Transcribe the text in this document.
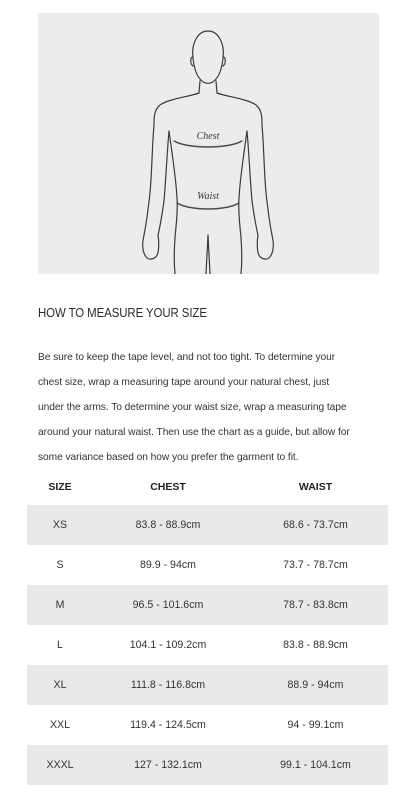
Chest
Waist
HOW TO MEASURE YOUR SIZE
Be sure to keep the tape level, and not too tight. To determine your
chest size, wrap a measuring tape around your natural chest, just
under the arms. To determine your waist size, wrap a measuring tape
around your natural waist. Then use the chart as a guide, but allow for
some variance based on how you prefer the garment to fit.
SIZE	CHEST	WAIST
XS	83.8 - 88.9cm	68.6 - 73.7cm
S	89.9 - 94cm	73.7 - 78.7cm
M	96.5 - 101.6cm	78.7 - 83.8cm
L	104.1 - 109.2cm	83.8 - 88.9cm
XL	111.8 - 116.8cm	88.9 - 94cm
XXL	119.4 - 124.5cm	94 - 99.1cm
XXXL	127 - 132.1cm	99.1 - 104.1cm
